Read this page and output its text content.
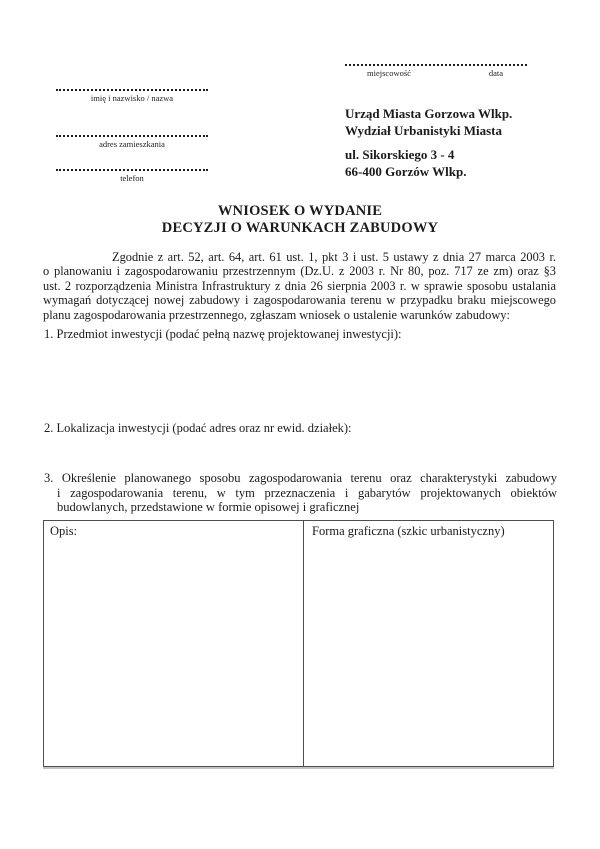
miejscowość	data
imię i nazwisko / nazwa
adres zamieszkania
telefon
Urząd Miasta Gorzowa Wlkp.
Wydział Urbanistyki Miasta
ul. Sikorskiego 3 - 4
66-400 Gorzów Wlkp.
WNIOSEK O WYDANIE
DECYZJI O WARUNKACH ZABUDOWY
Zgodnie z art. 52, art. 64, art. 61 ust. 1, pkt 3 i ust. 5 ustawy z dnia 27 marca 2003 r.
o planowaniu i zagospodarowaniu przestrzennym (Dz.U. z 2003 r. Nr 80, poz. 717 ze zm) oraz §3
ust. 2 rozporządzenia Ministra Infrastruktury z dnia 26 sierpnia 2003 r. w sprawie sposobu ustalania
wymagań dotyczącej nowej zabudowy i zagospodarowania terenu w przypadku braku miejscowego
planu zagospodarowania przestrzennego, zgłaszam wniosek o ustalenie warunków zabudowy:
1. Przedmiot inwestycji (podać pełną nazwę projektowanej inwestycji):
2. Lokalizacja inwestycji (podać adres oraz nr ewid. działek):
3. Określenie planowanego sposobu zagospodarowania terenu oraz charakterystyki zabudowy
i zagospodarowania terenu, w tym przeznaczenia i gabarytów projektowanych obiektów
budowlanych, przedstawione w formie opisowej i graficznej
Opis:	Forma graficzna (szkic urbanistyczny)
